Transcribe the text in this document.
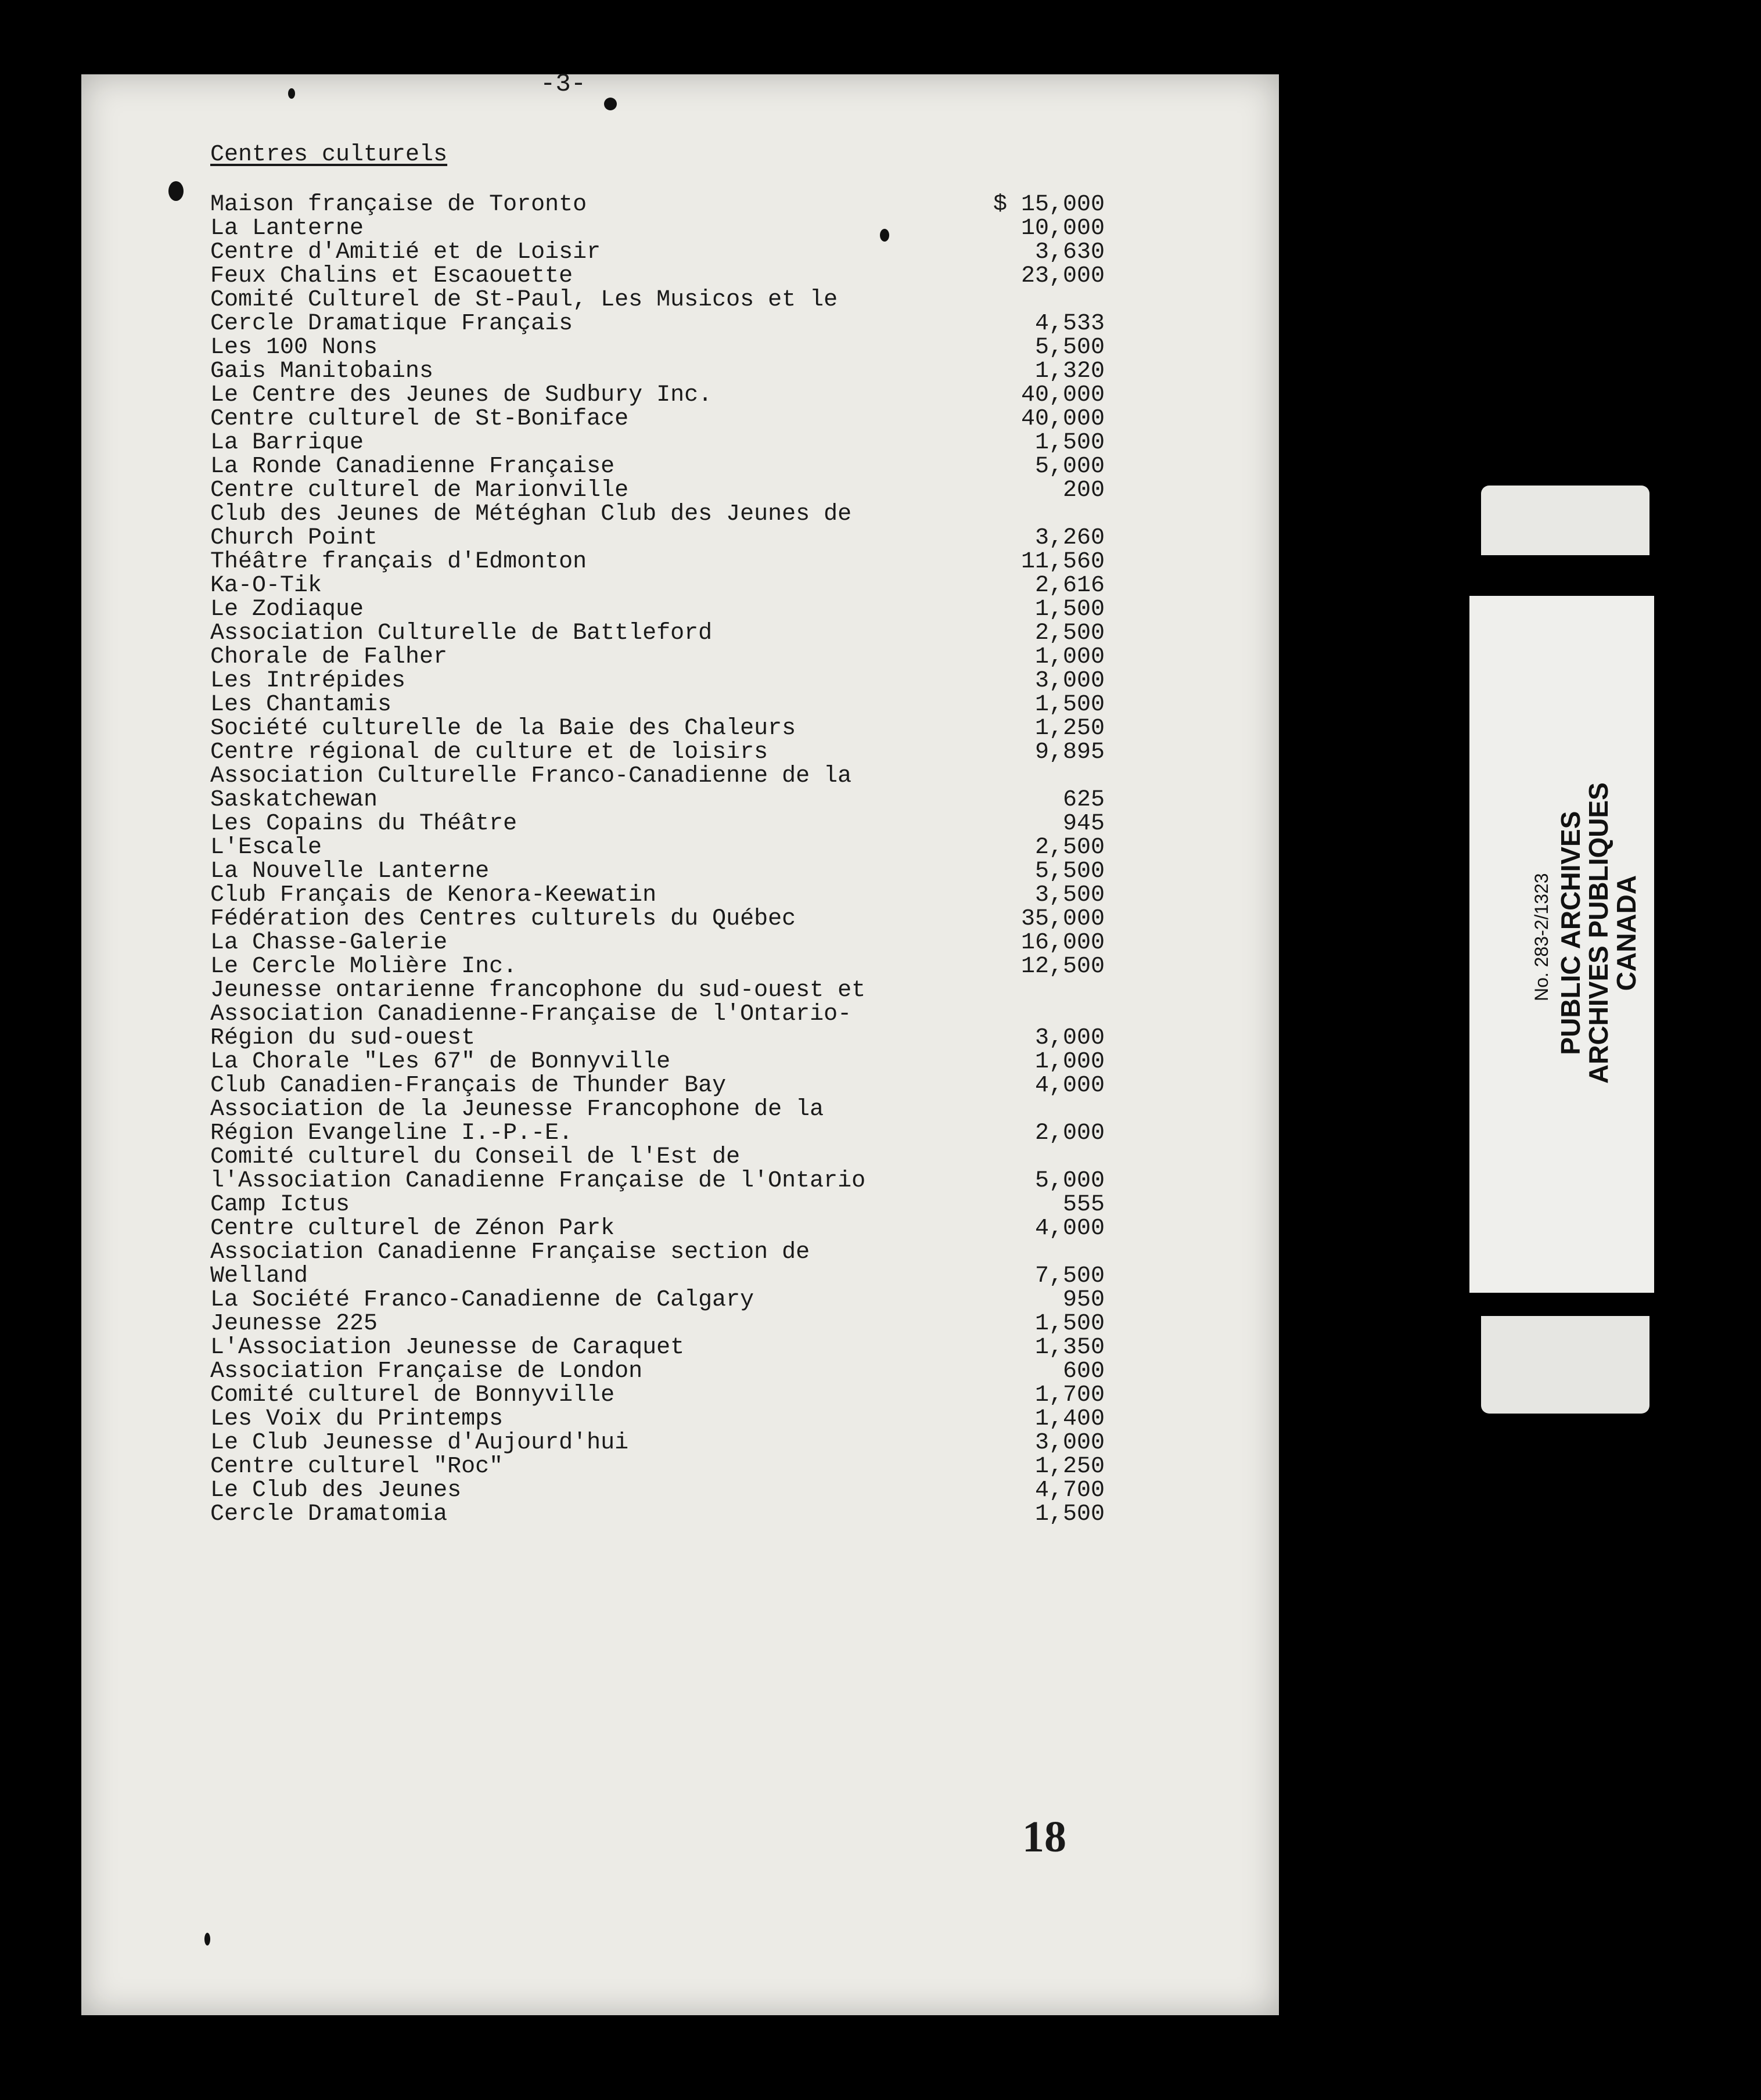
-3-
Centres culturels
Maison française de Toronto	$ 15,000
La Lanterne	10,000
Centre d'Amitié et de Loisir	3,630
Feux Chalins et Escaouette	23,000
Comité Culturel de St-Paul, Les Musicos et le
Cercle Dramatique Français	4,533
Les 100 Nons	5,500
Gais Manitobains	1,320
Le Centre des Jeunes de Sudbury Inc.	40,000
Centre culturel de St-Boniface	40,000
La Barrique	1,500
La Ronde Canadienne Française	5,000
Centre culturel de Marionville	200
Club des Jeunes de Météghan Club des Jeunes de
Church Point	3,260
Théâtre français d'Edmonton	11,560
Ka-O-Tik	2,616
Le Zodiaque	1,500
Association Culturelle de Battleford	2,500
Chorale de Falher	1,000
Les Intrépides	3,000
Les Chantamis	1,500
Société culturelle de la Baie des Chaleurs	1,250
Centre régional de culture et de loisirs	9,895
Association Culturelle Franco-Canadienne de la
Saskatchewan	625
Les Copains du Théâtre	945
L'Escale	2,500
La Nouvelle Lanterne	5,500
Club Français de Kenora-Keewatin	3,500
Fédération des Centres culturels du Québec	35,000
La Chasse-Galerie	16,000
Le Cercle Molière Inc.	12,500
Jeunesse ontarienne francophone du sud-ouest et
Association Canadienne-Française de l'Ontario-
Région du sud-ouest	3,000
La Chorale "Les 67" de Bonnyville	1,000
Club Canadien-Français de Thunder Bay	4,000
Association de la Jeunesse Francophone de la
Région Evangeline I.-P.-E.	2,000
Comité culturel du Conseil de l'Est de
l'Association Canadienne Française de l'Ontario	5,000
Camp Ictus	555
Centre culturel de Zénon Park	4,000
Association Canadienne Française section de
Welland	7,500
La Société Franco-Canadienne de Calgary	950
Jeunesse 225	1,500
L'Association Jeunesse de Caraquet	1,350
Association Française de London	600
Comité culturel de Bonnyville	1,700
Les Voix du Printemps	1,400
Le Club Jeunesse d'Aujourd'hui	3,000
Centre culturel "Roc"	1,250
Le Club des Jeunes	4,700
Cercle Dramatomia	1,500
18
PUBLIC ARCHIVES
ARCHIVES PUBLIQUES
CANADA
No. 283-2/1323
